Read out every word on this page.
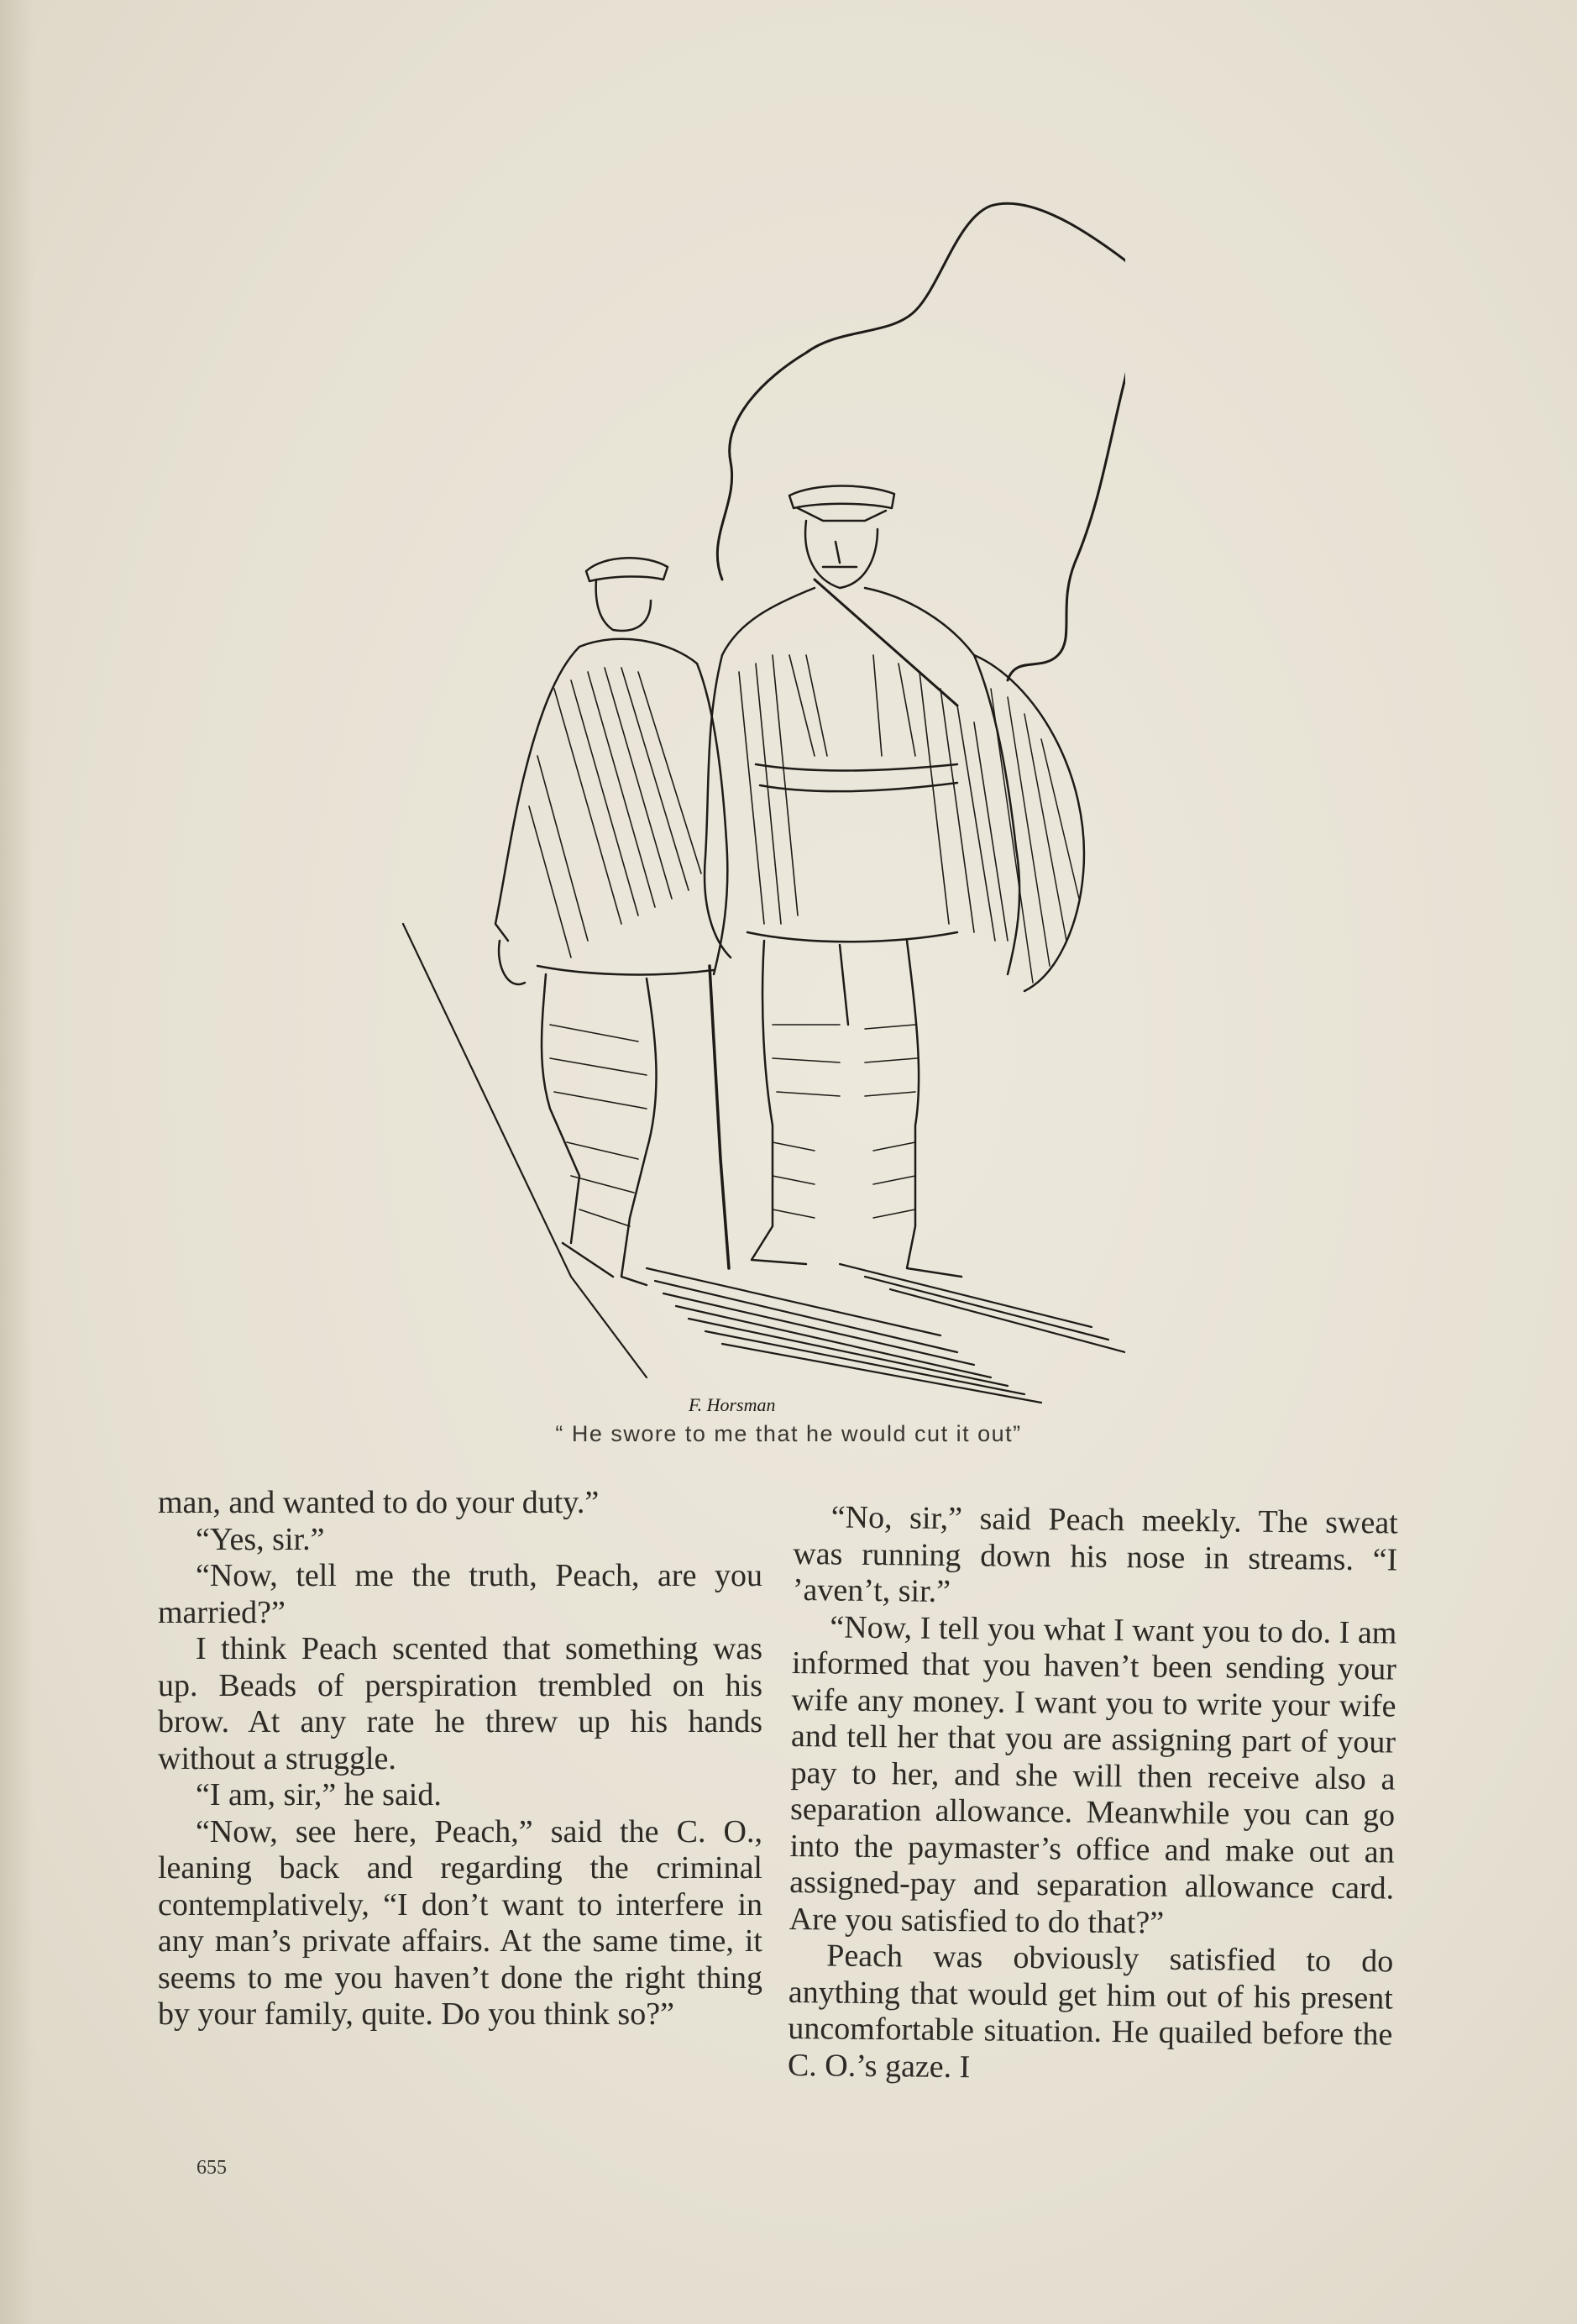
F. Horsman
“ He swore to me that he would cut it out”

man, and wanted to do your duty.”

“Yes, sir.”

“Now, tell me the truth, Peach, are you married?”

I think Peach scented that something was up. Beads of perspiration trembled on his brow. At any rate he threw up his hands without a struggle.

“I am, sir,” he said.

“Now, see here, Peach,” said the C. O., leaning back and regarding the criminal contemplatively, “I don’t want to interfere in any man’s private affairs. At the same time, it seems to me you haven’t done the right thing by your family, quite. Do you think so?”

“No, sir,” said Peach meekly. The sweat was running down his nose in streams. “I ’aven’t, sir.”

“Now, I tell you what I want you to do. I am informed that you haven’t been sending your wife any money. I want you to write your wife and tell her that you are assigning part of your pay to her, and she will then receive also a separation allowance. Meanwhile you can go into the paymaster’s office and make out an assigned-pay and separation allowance card. Are you satisfied to do that?”

Peach was obviously satisfied to do anything that would get him out of his present uncomfortable situation. He quailed before the C. O.’s gaze. I

655
